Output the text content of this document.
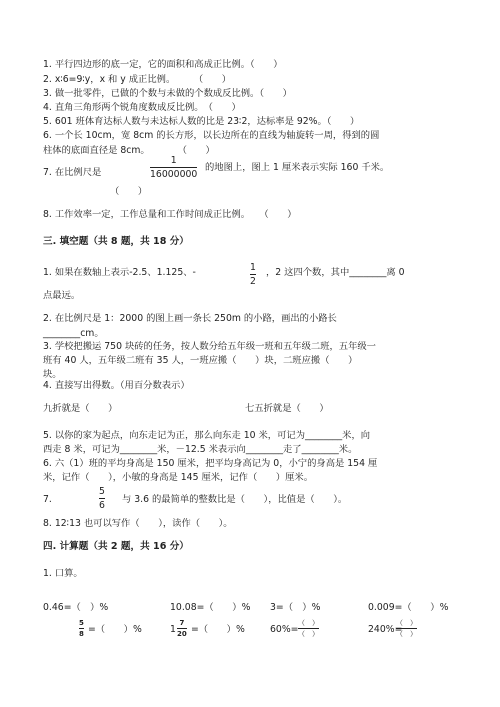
1. 平行四边形的底一定，它的面积和高成正比例。（　　）

2. x∶6=9∶y，x 和 y 成正比例。　　　（　　）

3. 做一批零件，已做的个数与未做的个数成反比例。（　　）

4. 直角三角形两个锐角度数成反比例。　（　　）

5. 601 班体育达标人数与未达标人数的比是 23∶2，达标率是 92%。（　　）

6. 一个长 10cm，宽 8cm 的长方形，以长边所在的直线为轴旋转一周，得到的圆

柱体的底面直径是 8cm。　　　　（　　）

7. 在比例尺是

1
16000000

的地图上，图上 1 厘米表示实际 160 千米。

（　　）

8. 工作效率一定，工作总量和工作时间成正比例。　　（　　）

三. 填空题（共 8 题，共 18 分）

1. 如果在数轴上表示-2.5、1.125、-	1
2

，2 这四个数，其中________离 0

点最远。

2. 在比例尺是 1：2000 的图上画一条长 250m 的小路，画出的小路长

________cm。

3. 学校把搬运 750 块砖的任务，按人数分给五年级一班和五年级二班，五年级一

班有 40 人，五年级二班有 35 人，一班应搬（　　）块，二班应搬（　　）

块。

4. 直接写出得数。（用百分数表示）

九折就是（　　）	七五折就是（　　）

5. 以你的家为起点，向东走记为正，那么向东走 10 米，可记为________米，向

西走 8 米，可记为________米，－12.5 米表示向________走了________米。

6. 六（1）班的平均身高是 150 厘米，把平均身高记为 0，小宁的身高是 154 厘

米，记作（　　），小敏的身高是 145 厘米，记作（　　）厘米。

7.

5
6

与 3.6 的最简单的整数比是（　　），比值是（　　）。

8. 12∶13 也可以写作（　　），读作（　　）。

四. 计算题（共 2 题，共 16 分）

1. 口算。

0.46=（　）%	10.08=（　　）% 3=（　）%	0.009=（　　）%

5
8 =（　　）%	1

7
20 =（　　）%	60%=

（　）
（　）	240%=

（　）
（　）
